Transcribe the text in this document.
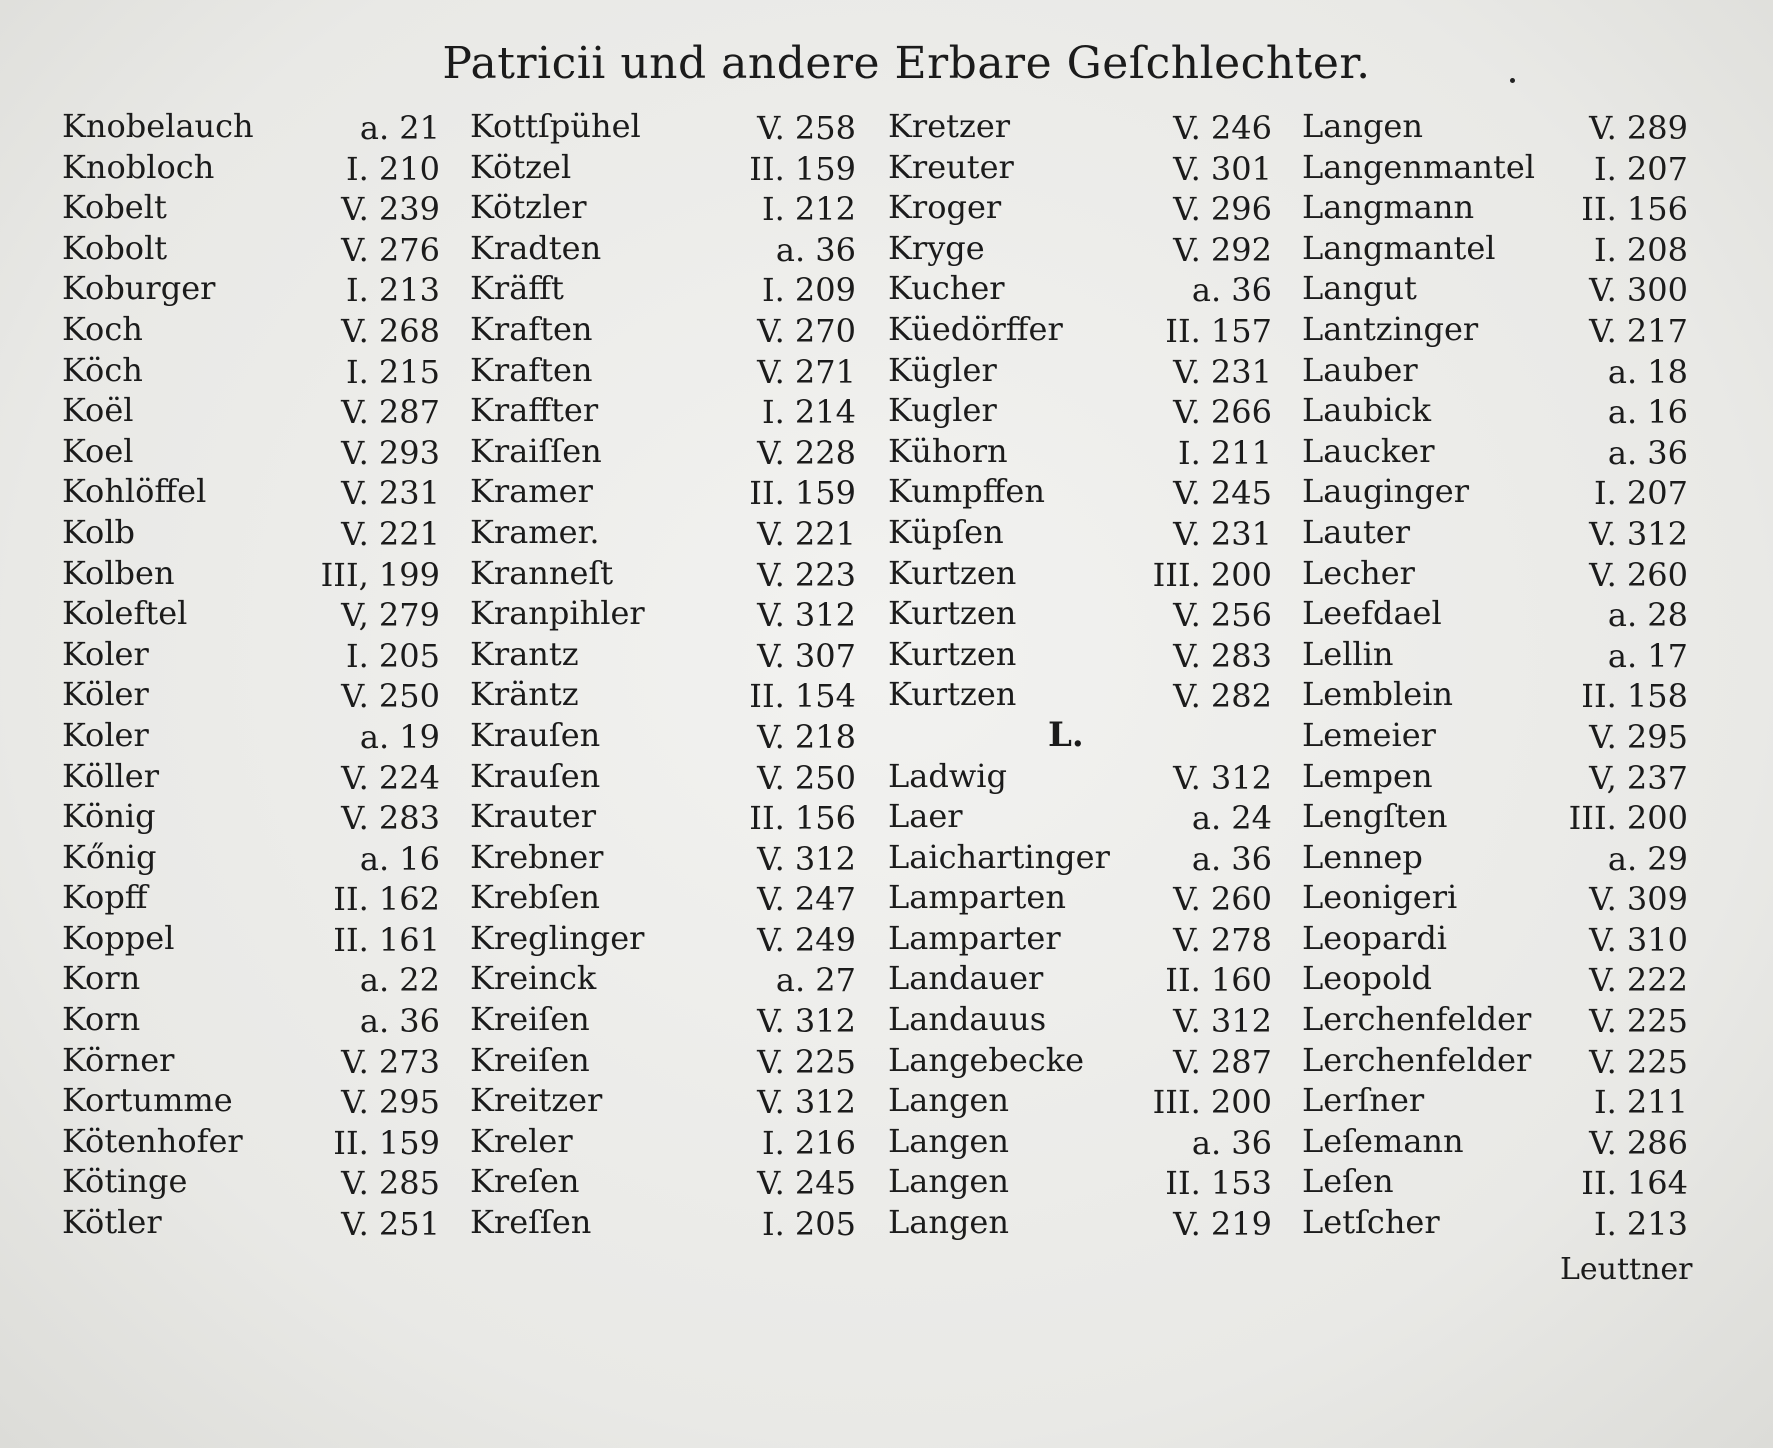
Patricii und andere Erbare Geſchlechter.
Knobelauch	a. 21
Knobloch	I. 210
Kobelt	V. 239
Kobolt	V. 276
Koburger	I. 213
Koch	V. 268
Köch	I. 215
Koël	V. 287
Koel	V. 293
Kohlöffel	V. 231
Kolb	V. 221
Kolben	III, 199
Koleftel	V, 279
Koler	I. 205
Köler	V. 250
Koler	a. 19
Köller	V. 224
König	V. 283
Kőnig	a. 16
Kopff	II. 162
Koppel	II. 161
Korn	a. 22
Korn	a. 36
Körner	V. 273
Kortumme	V. 295
Kötenhofer	II. 159
Kötinge	V. 285
Kötler	V. 251
Kottſpühel	V. 258
Kötzel	II. 159
Kötzler	I. 212
Kradten	a. 36
Kräfft	I. 209
Kraften	V. 270
Kraften	V. 271
Kraffter	I. 214
Kraiſſen	V. 228
Kramer	II. 159
Kramer.	V. 221
Kranneſt	V. 223
Kranpihler	V. 312
Krantz	V. 307
Kräntz	II. 154
Krauſen	V. 218
Krauſen	V. 250
Krauter	II. 156
Krebner	V. 312
Krebſen	V. 247
Kreglinger	V. 249
Kreinck	a. 27
Kreiſen	V. 312
Kreiſen	V. 225
Kreitzer	V. 312
Kreler	I. 216
Kreſen	V. 245
Kreſſen	I. 205
Kretzer	V. 246
Kreuter	V. 301
Kroger	V. 296
Kryge	V. 292
Kucher	a. 36
Küedörffer	II. 157
Kügler	V. 231
Kugler	V. 266
Kühorn	I. 211
Kumpffen	V. 245
Küpſen	V. 231
Kurtzen	III. 200
Kurtzen	V. 256
Kurtzen	V. 283
Kurtzen	V. 282
L.
Ladwig	V. 312
Laer	a. 24
Laichartinger	a. 36
Lamparten	V. 260
Lamparter	V. 278
Landauer	II. 160
Landauus	V. 312
Langebecke	V. 287
Langen	III. 200
Langen	a. 36
Langen	II. 153
Langen	V. 219
Langen	V. 289
Langenmantel I. 207
Langmann	II. 156
Langmantel	I. 208
Langut	V. 300
Lantzinger	V. 217
Lauber	a. 18
Laubick	a. 16
Laucker	a. 36
Lauginger	I. 207
Lauter	V. 312
Lecher	V. 260
Leefdael	a. 28
Lellin	a. 17
Lemblein	II. 158
Lemeier	V. 295
Lempen	V, 237
Lengſten	III. 200
Lennep	a. 29
Leonigeri	V. 309
Leopardi	V. 310
Leopold	V. 222
Lerchenfelder V. 225
Lerchenfelder V. 225
Lerſner	I. 211
Leſemann	V. 286
Leſen	II. 164
Letſcher	I. 213
Leuttner
